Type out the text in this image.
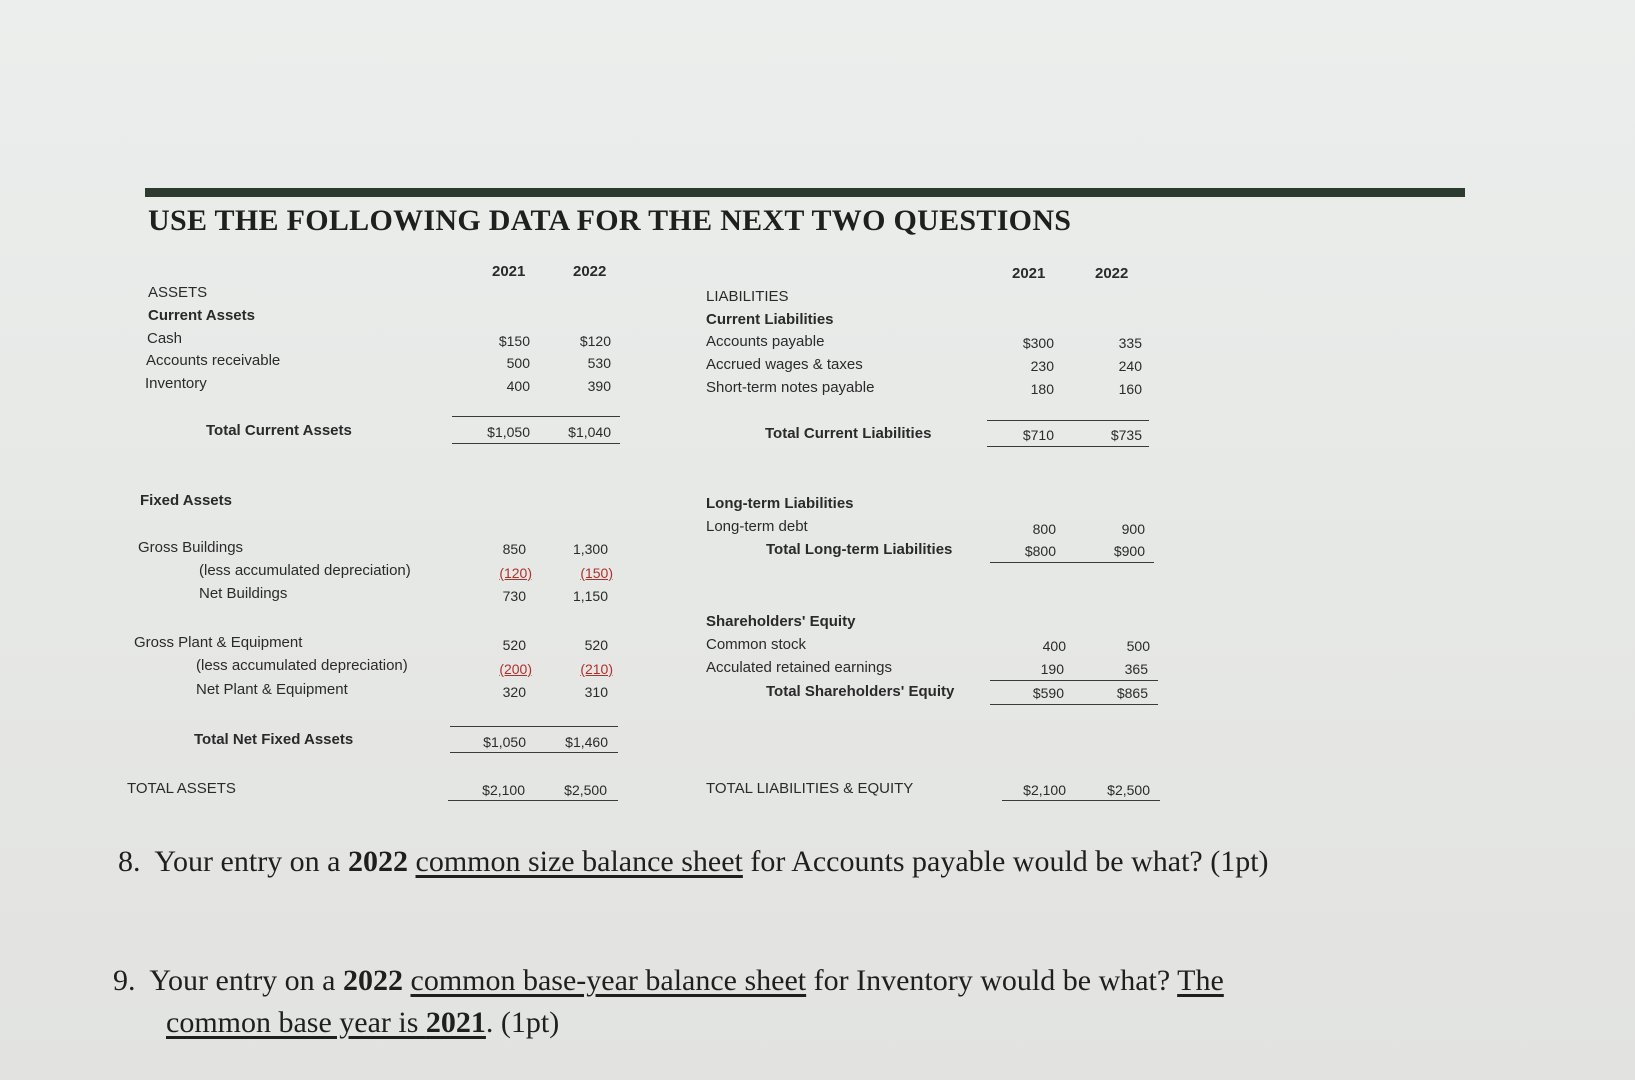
USE THE FOLLOWING DATA FOR THE NEXT TWO QUESTIONS
2021	2022	2021	2022
ASSETS
Current Assets
Cash	$150	$120
Accounts receivable	500	530
Inventory	400	390
Total Current Assets	$1,050	$1,040
Fixed Assets
Gross Buildings	850	1,300
(less accumulated depreciation)	(120)	(150)
Net Buildings	730	1,150
Gross Plant & Equipment	520	520
(less accumulated depreciation)	(200)	(210)
Net Plant & Equipment	320	310
Total Net Fixed Assets	$1,050	$1,460
TOTAL ASSETS	$2,100	$2,500
LIABILITIES
Current Liabilities
Accounts payable	$300	335
Accrued wages & taxes	230	240
Short-term notes payable	180	160
Total Current Liabilities	$710	$735
Long-term Liabilities
Long-term debt	800	900
Total Long-term Liabilities	$800	$900
Shareholders' Equity
Common stock	400	500
Acculated retained earnings	190	365
Total Shareholders' Equity	$590	$865
TOTAL LIABILITIES & EQUITY	$2,100	$2,500
8. Your entry on a 2022 common size balance sheet for Accounts payable would be what? (1pt)
9. Your entry on a 2022 common base-year balance sheet for Inventory would be what? The
common base year is 2021. (1pt)
